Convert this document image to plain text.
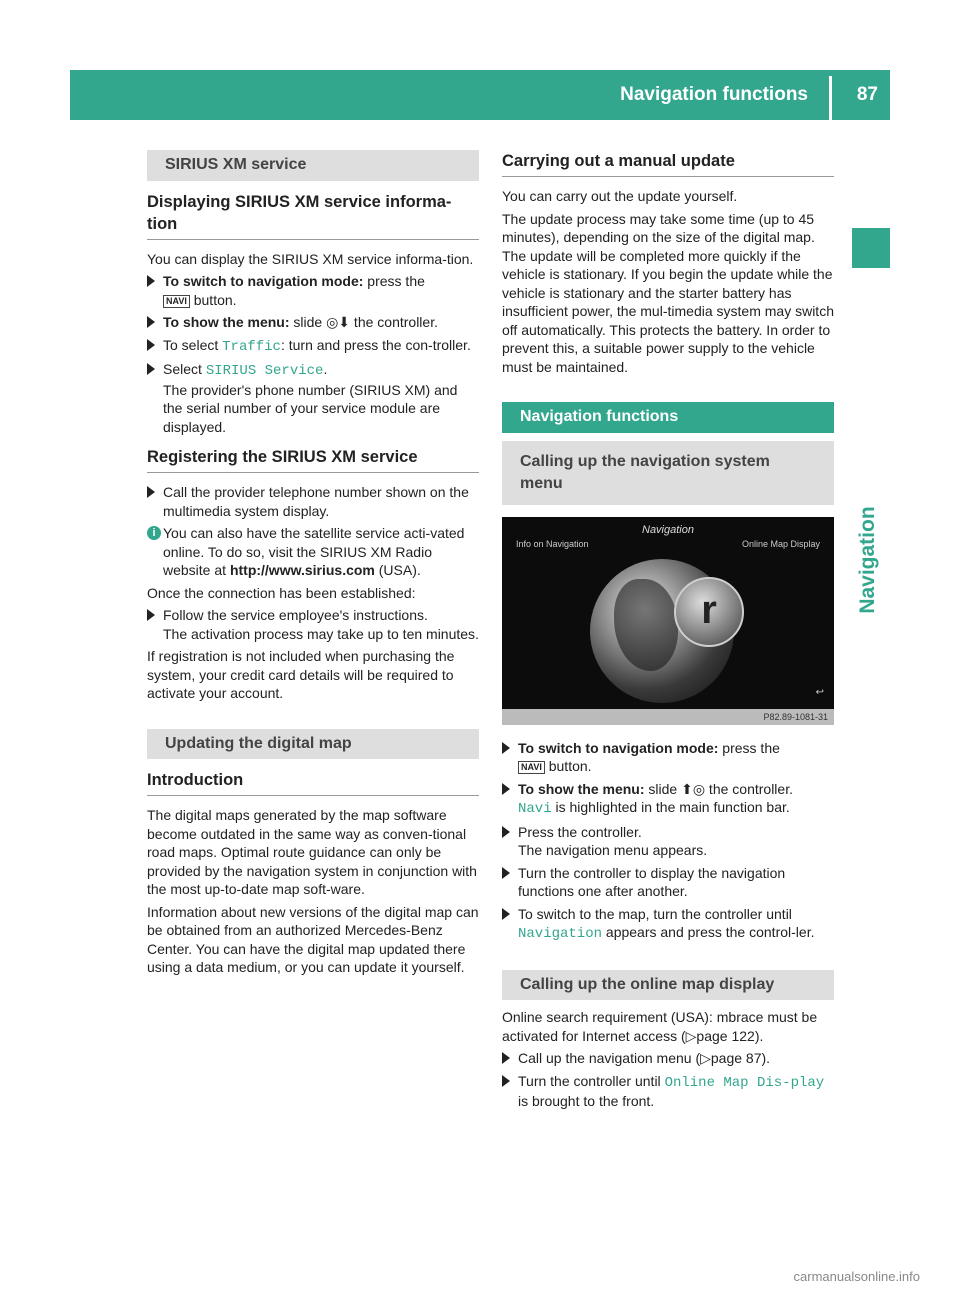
Navigation functions	87
Navigation
SIRIUS XM service
Displaying SIRIUS XM service informa-tion

You can display the SIRIUS XM service informa-tion.

To switch to navigation mode: press the
NAVI button.
To show the menu: slide ◎⬇ the controller.
To select Traffic: turn and press the con-troller.
Select SIRIUS Service.
The provider's phone number (SIRIUS XM) and the serial number of your service module are displayed.
Registering the SIRIUS XM service
Call the provider telephone number shown on the multimedia system display.
i You can also have the satellite service acti-vated online. To do so, visit the SIRIUS XM Radio website at http://www.sirius.com (USA).

Once the connection has been established:

Follow the service employee's instructions.
The activation process may take up to ten minutes.

If registration is not included when purchasing the system, your credit card details will be required to activate your account.

Updating the digital map
Introduction

The digital maps generated by the map software become outdated in the same way as conven-tional road maps. Optimal route guidance can only be provided by the navigation system in conjunction with the most up-to-date map soft-ware.

Information about new versions of the digital map can be obtained from an authorized Mercedes-Benz Center. You can have the digital map updated there using a data medium, or you can update it yourself.

Carrying out a manual update

You can carry out the update yourself.

The update process may take some time (up to 45 minutes), depending on the size of the digital map. The update will be completed more quickly if the vehicle is stationary. If you begin the update while the vehicle is stationary and the starter battery has insufficient power, the mul-timedia system may switch off automatically. This protects the battery. In order to prevent this, a suitable power supply to the vehicle must be maintained.

Navigation functions
Calling up the navigation system menu
Navigation
Info on Navigation	Online Map Display
r
↩
P82.89-1081-31
To switch to navigation mode: press the
NAVI button.
To show the menu: slide ⬆◎ the controller.
Navi is highlighted in the main function bar.
Press the controller.
The navigation menu appears.
Turn the controller to display the navigation functions one after another.
To switch to the map, turn the controller until Navigation appears and press the control-ler.
Calling up the online map display

Online search requirement (USA): mbrace must be activated for Internet access (▷page 122).

Call up the navigation menu (▷page 87).
Turn the controller until Online Map Dis-play is brought to the front.
carmanualsonline.info
